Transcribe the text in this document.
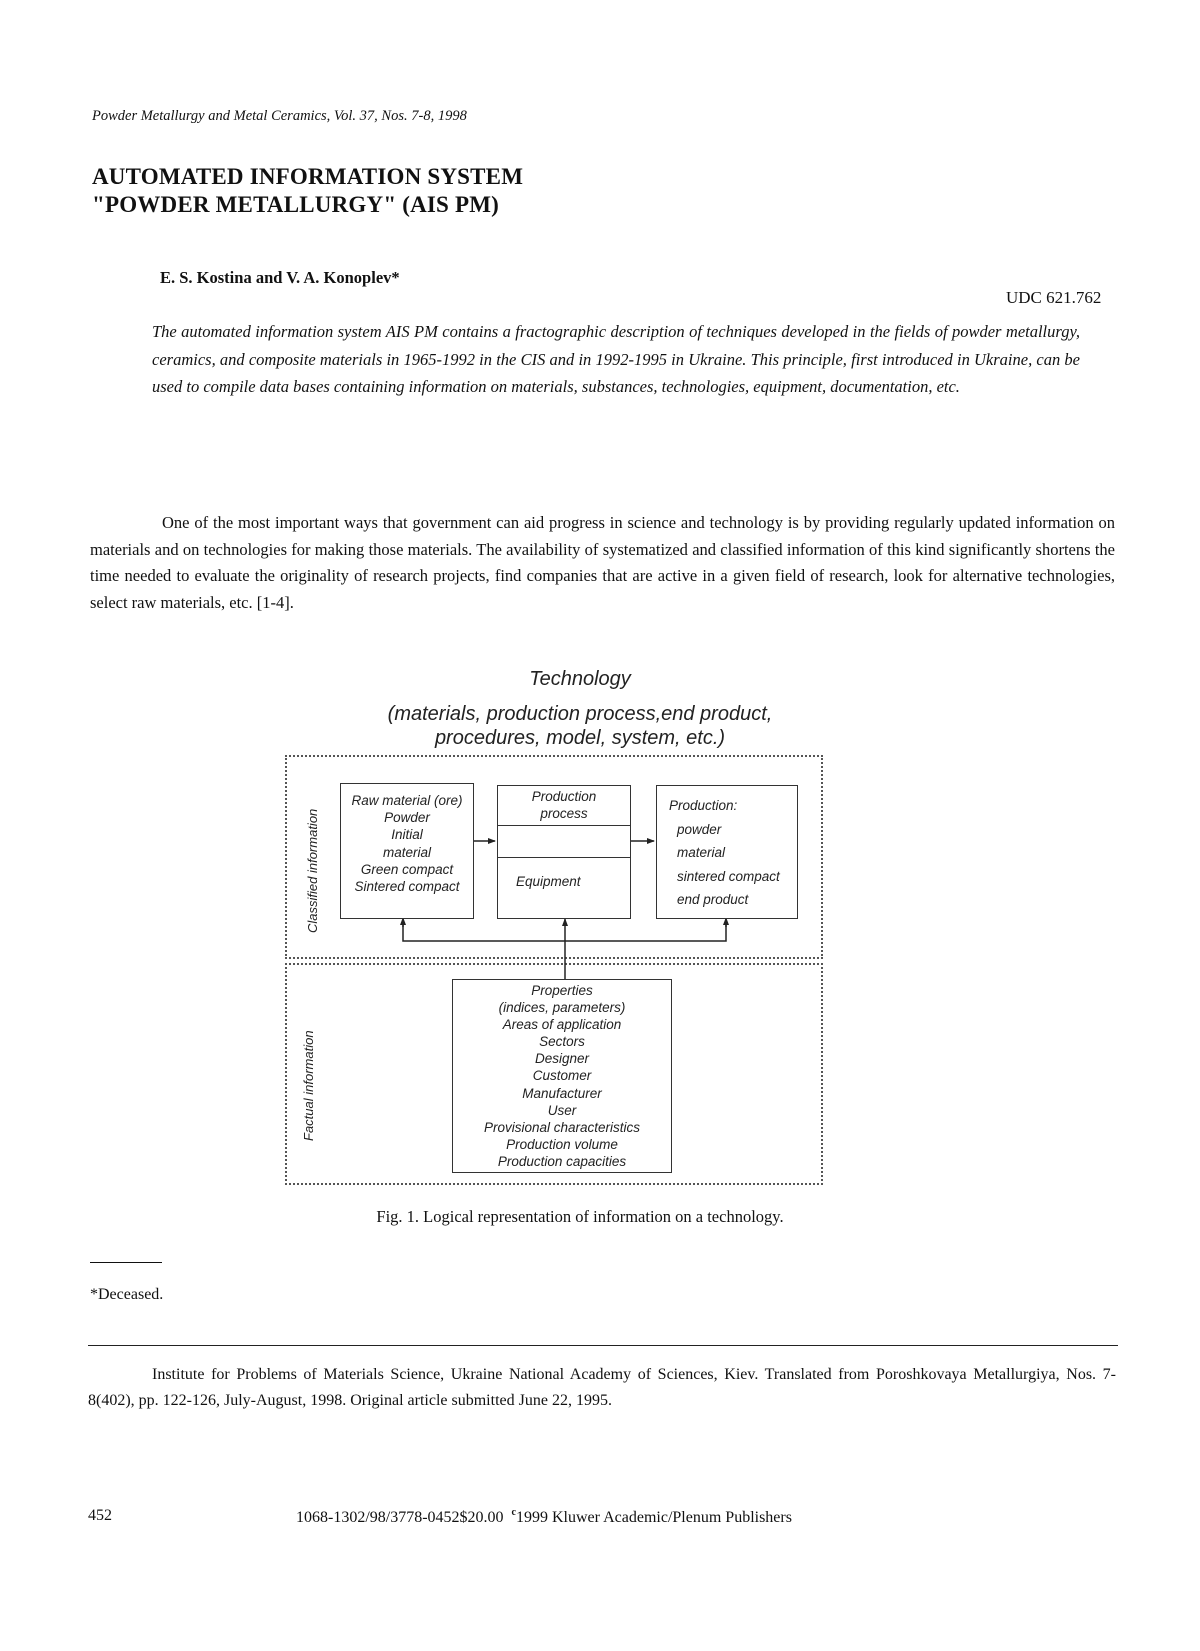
Powder Metallurgy and Metal Ceramics, Vol. 37, Nos. 7-8, 1998
AUTOMATED INFORMATION SYSTEM
"POWDER METALLURGY" (AIS PM)
E. S. Kostina and V. A. Konoplev*
UDC 621.762
The automated information system AIS PM contains a fractographic description of techniques developed in the fields of powder metallurgy, ceramics, and composite materials in 1965-1992 in the CIS and in 1992-1995 in Ukraine. This principle, first introduced in Ukraine, can be used to compile data bases containing information on materials, substances, technologies, equipment, documentation, etc.
One of the most important ways that government can aid progress in science and technology is by providing regularly updated information on materials and on technologies for making those materials. The availability of systematized and classified information of this kind significantly shortens the time needed to evaluate the originality of research projects, find companies that are active in a given field of research, look for alternative technologies, select raw materials, etc. [1-4].
Technology
(materials, production process,end product,
procedures, model, system, etc.)
Classified information
Factual information
Raw material (ore)
Powder
Initial
material
Green compact
Sintered compact
Production
process
Equipment
Production:
powder
material
sintered compact
end product
Properties
(indices, parameters)
Areas of application
Sectors
Designer
Customer
Manufacturer
User
Provisional characteristics
Production volume
Production capacities
Fig. 1. Logical representation of information on a technology.
*Deceased.
Institute for Problems of Materials Science, Ukraine National Academy of Sciences, Kiev. Translated from Poroshkovaya Metallurgiya, Nos. 7-8(402), pp. 122-126, July-August, 1998. Original article submitted June 22, 1995.
452	1068-1302/98/3778-0452$20.00 $^c$1999 Kluwer Academic/Plenum Publishers
